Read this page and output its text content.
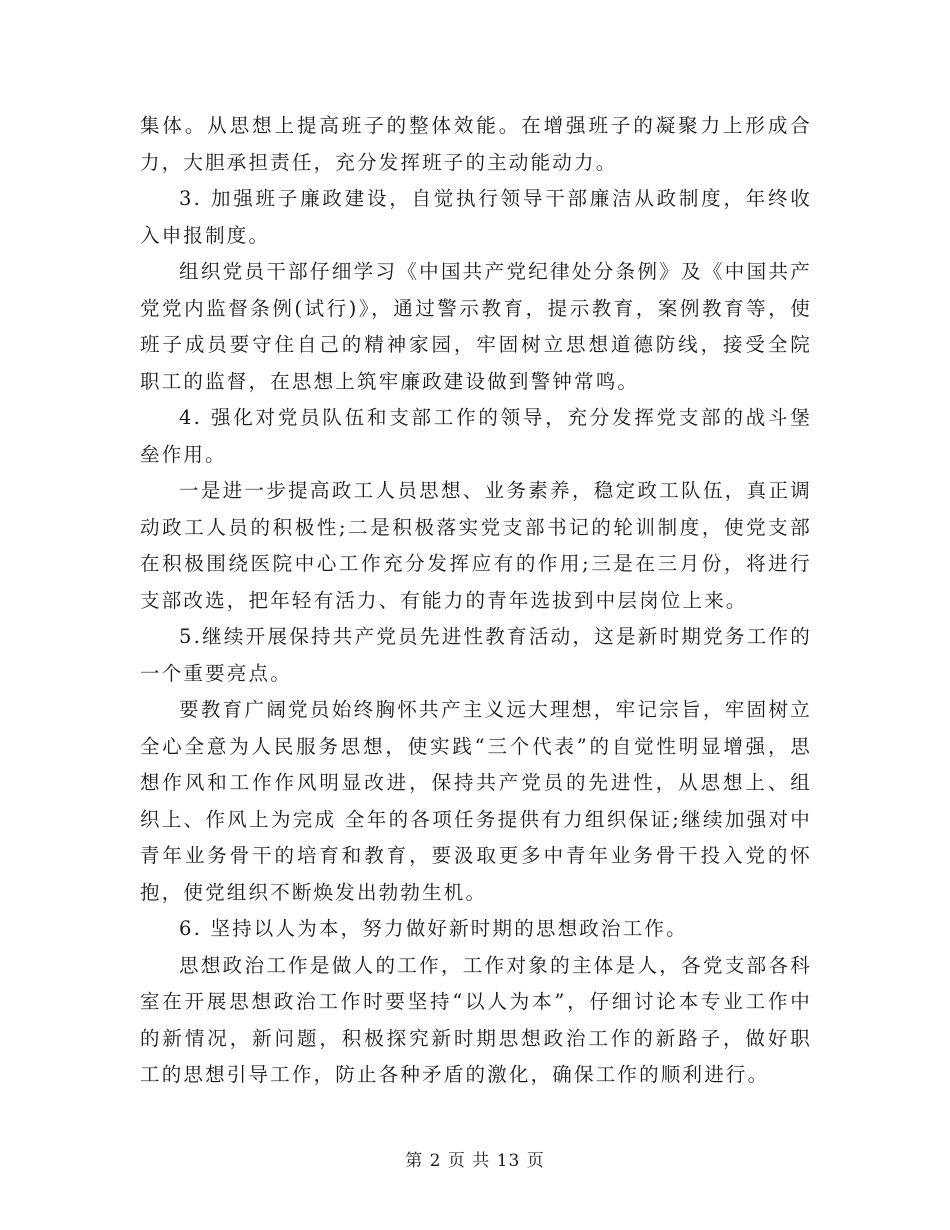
集体。从思想上提高班子的整体效能。在增强班子的凝聚力上形成合力，大胆承担责任，充分发挥班子的主动能动力。

3. 加强班子廉政建设，自觉执行领导干部廉洁从政制度，年终收入申报制度。

组织党员干部仔细学习《中国共产党纪律处分条例》及《中国共产党党内监督条例(试行)》，通过警示教育，提示教育，案例教育等，使班子成员要守住自己的精神家园，牢固树立思想道德防线，接受全院职工的监督，在思想上筑牢廉政建设做到警钟常鸣。

4. 强化对党员队伍和支部工作的领导，充分发挥党支部的战斗堡垒作用。

一是进一步提高政工人员思想、业务素养，稳定政工队伍，真正调动政工人员的积极性;二是积极落实党支部书记的轮训制度，使党支部在积极围绕医院中心工作充分发挥应有的作用;三是在三月份，将进行支部改选，把年轻有活力、有能力的青年选拔到中层岗位上来。

5.继续开展保持共产党员先进性教育活动，这是新时期党务工作的一个重要亮点。

要教育广阔党员始终胸怀共产主义远大理想，牢记宗旨，牢固树立全心全意为人民服务思想，使实践“三个代表”的自觉性明显增强，思想作风和工作作风明显改进，保持共产党员的先进性，从思想上、组织上、作风上为完成 全年的各项任务提供有力组织保证;继续加强对中青年业务骨干的培育和教育，要汲取更多中青年业务骨干投入党的怀抱，使党组织不断焕发出勃勃生机。

6. 坚持以人为本，努力做好新时期的思想政治工作。

思想政治工作是做人的工作，工作对象的主体是人，各党支部各科室在开展思想政治工作时要坚持“以人为本”，仔细讨论本专业工作中的新情况，新问题，积极探究新时期思想政治工作的新路子，做好职工的思想引导工作，防止各种矛盾的激化，确保工作的顺利进行。

第 2 页 共 13 页
